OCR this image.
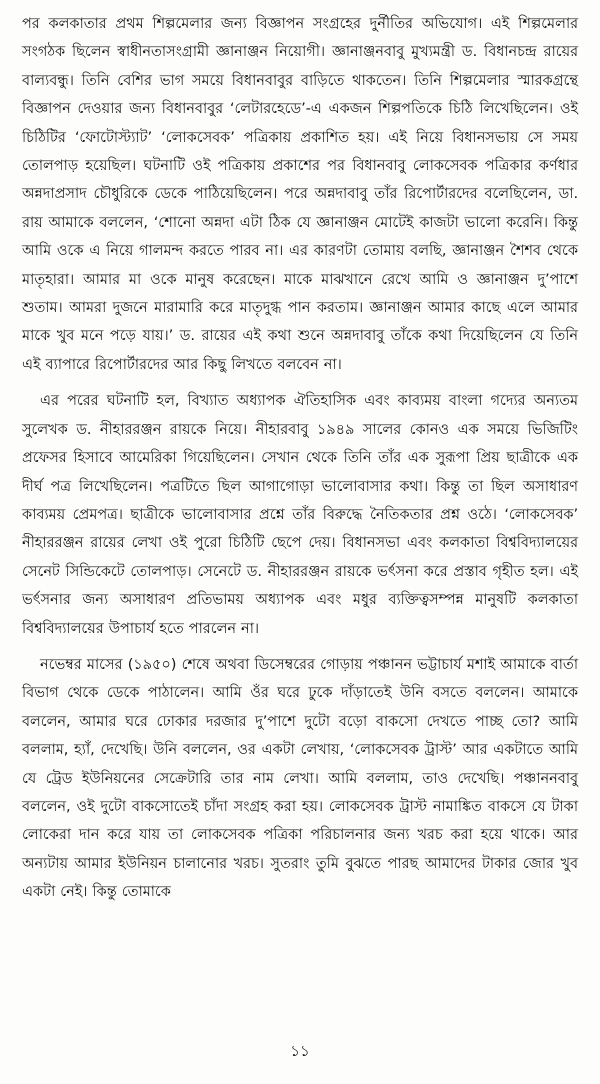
পর কলকাতার প্রথম শিল্পমেলার জন্য বিজ্ঞাপন সংগ্রহের দুর্নীতির অভিযোগ। এই শিল্পমেলার সংগঠক ছিলেন স্বাধীনতাসংগ্রামী জ্ঞানাঞ্জন নিয়োগী। জ্ঞানাঞ্জনবাবু মুখ্যমন্ত্রী ড. বিধানচন্দ্র রায়ের বাল্যবন্ধু। তিনি বেশির ভাগ সময়ে বিধানবাবুর বাড়িতে থাকতেন। তিনি শিল্পমেলার স্মারকগ্রন্থে বিজ্ঞাপন দেওয়ার জন্য বিধানবাবুর ‘লেটারহেডে’-এ একজন শিল্পপতিকে চিঠি লিখেছিলেন। ওই চিঠিটির ‘ফোটোস্ট্যাট’ ‘লোকসেবক’ পত্রিকায় প্রকাশিত হয়। এই নিয়ে বিধানসভায় সে সময় তোলপাড় হয়েছিল। ঘটনাটি ওই পত্রিকায় প্রকাশের পর বিধানবাবু লোকসেবক পত্রিকার কর্ণধার অন্নদাপ্রসাদ চৌধুরিকে ডেকে পাঠিয়েছিলেন। পরে অন্নদাবাবু তাঁর রিপোর্টারদের বলেছিলেন, ডা. রায় আমাকে বললেন, ‘শোনো অন্নদা এটা ঠিক যে জ্ঞানাঞ্জন মোটেই কাজটা ভালো করেনি। কিন্তু আমি ওকে এ নিয়ে গালমন্দ করতে পারব না। এর কারণটা তোমায় বলছি, জ্ঞানাঞ্জন শৈশব থেকে মাতৃহারা। আমার মা ওকে মানুষ করেছেন। মাকে মাঝখানে রেখে আমি ও জ্ঞানাঞ্জন দু’পাশে শুতাম। আমরা দুজনে মারামারি করে মাতৃদুগ্ধ পান করতাম। জ্ঞানাঞ্জন আমার কাছে এলে আমার মাকে খুব মনে পড়ে যায়।’ ড. রায়ের এই কথা শুনে অন্নদাবাবু তাঁকে কথা দিয়েছিলেন যে তিনি এই ব্যাপারে রিপোর্টারদের আর কিছু লিখতে বলবেন না।

এর পরের ঘটনাটি হল, বিখ্যাত অধ্যাপক ঐতিহাসিক এবং কাব্যময় বাংলা গদ্যের অন্যতম সুলেখক ড. নীহাররঞ্জন রায়কে নিয়ে। নীহারবাবু ১৯৪৯ সালের কোনও এক সময়ে ভিজিটিং প্রফেসর হিসাবে আমেরিকা গিয়েছিলেন। সেখান থেকে তিনি তাঁর এক সুরূপা প্রিয় ছাত্রীকে এক দীর্ঘ পত্র লিখেছিলেন। পত্রটিতে ছিল আগাগোড়া ভালোবাসার কথা। কিন্তু তা ছিল অসাধারণ কাব্যময় প্রেমপত্র। ছাত্রীকে ভালোবাসার প্রশ্নে তাঁর বিরুদ্ধে নৈতিকতার প্রশ্ন ওঠে। ‘লোকসেবক’ নীহাররঞ্জন রায়ের লেখা ওই পুরো চিঠিটি ছেপে দেয়। বিধানসভা এবং কলকাতা বিশ্ববিদ্যালয়ের সেনেট সিন্ডিকেটে তোলপাড়। সেনেটে ড. নীহাররঞ্জন রায়কে ভর্ৎসনা করে প্রস্তাব গৃহীত হল। এই ভর্ৎসনার জন্য অসাধারণ প্রতিভাময় অধ্যাপক এবং মধুর ব্যক্তিত্বসম্পন্ন মানুষটি কলকাতা বিশ্ববিদ্যালয়ের উপাচার্য হতে পারলেন না।

নভেম্বর মাসের (১৯৫০) শেষে অথবা ডিসেম্বরের গোড়ায় পঞ্চানন ভট্টাচার্য মশাই আমাকে বার্তা বিভাগ থেকে ডেকে পাঠালেন। আমি ওঁর ঘরে ঢুকে দাঁড়াতেই উনি বসতে বললেন। আমাকে বললেন, আমার ঘরে ঢোকার দরজার দু’পাশে দুটো বড়ো বাকসো দেখতে পাচ্ছ তো? আমি বললাম, হ্যাঁ, দেখেছি। উনি বললেন, ওর একটা লেখায়, ‘লোকসেবক ট্রাস্ট’ আর একটাতে আমি যে ট্রেড ইউনিয়নের সেক্রেটারি তার নাম লেখা। আমি বললাম, তাও দেখেছি। পঞ্চাননবাবু বললেন, ওই দুটো বাকসোতেই চাঁদা সংগ্রহ করা হয়। লোকসেবক ট্রাস্ট নামাঙ্কিত বাকসে যে টাকা লোকেরা দান করে যায় তা লোকসেবক পত্রিকা পরিচালনার জন্য খরচ করা হয়ে থাকে। আর অন্যটায় আমার ইউনিয়ন চালানোর খরচ। সুতরাং তুমি বুঝতে পারছ আমাদের টাকার জোর খুব একটা নেই। কিন্তু তোমাকে

১১
